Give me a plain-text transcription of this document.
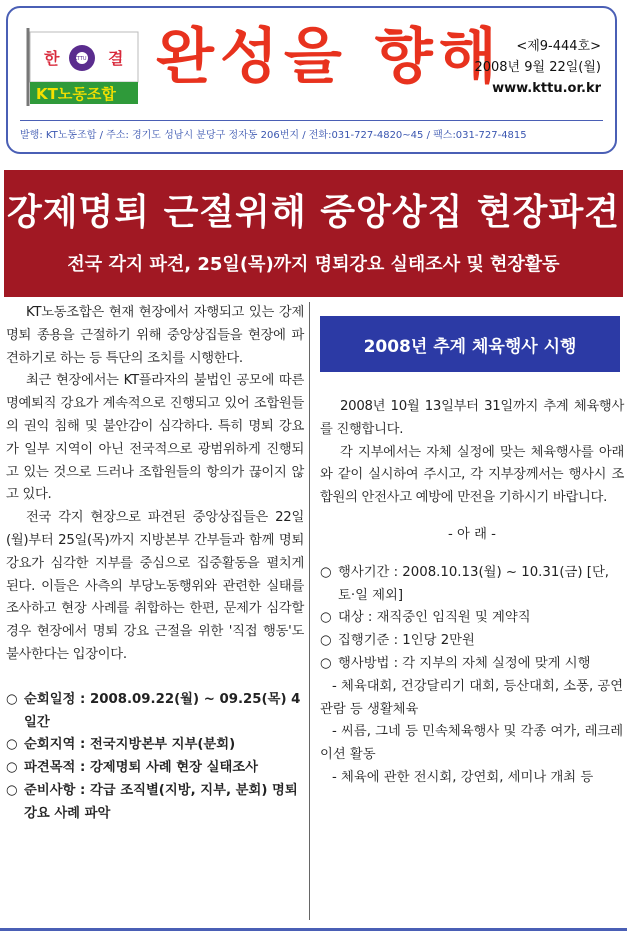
한	KTTU 결
KT노동조합
완성을 향해	<제9-444호>
2008년 9월 22일(월)
www.kttu.or.kr
발행: KT노동조합 / 주소: 경기도 성남시 분당구 정자동 206번지 / 전화:031-727-4820~45 / 팩스:031-727-4815
강제명퇴 근절위해 중앙상집 현장파견
전국 각지 파견, 25일(목)까지 명퇴강요 실태조사 및 현장활동

KT노동조합은 현재 현장에서 자행되고 있는 강제명퇴 종용을 근절하기 위해 중앙상집들을 현장에 파견하기로 하는 등 특단의 조치를 시행한다.

최근 현장에서는 KT플라자의 불법인 공모에 따른 명예퇴직 강요가 계속적으로 진행되고 있어 조합원들의 권익 침해 및 불안감이 심각하다. 특히 명퇴 강요가 일부 지역이 아닌 전국적으로 광범위하게 진행되고 있는 것으로 드러나 조합원들의 항의가 끊이지 않고 있다.

전국 각지 현장으로 파견된 중앙상집들은 22일(월)부터 25일(목)까지 지방본부 간부들과 함께 명퇴강요가 심각한 지부를 중심으로 집중활동을 펼치게 된다. 이들은 사측의 부당노동행위와 관련한 실태를 조사하고 현장 사례를 취합하는 한편, 문제가 심각할 경우 현장에서 명퇴 강요 근절을 위한 '직접 행동'도 불사한다는 입장이다.

○ 순회일정 : 2008.09.22(월) ~ 09.25(목) 4일간
○ 순회지역 : 전국지방본부 지부(분회)
○ 파견목적 : 강제명퇴 사례 현장 실태조사
○ 준비사항 : 각급 조직별(지방, 지부, 분회) 명퇴강요 사례 파악
2008년 추계 체육행사 시행

2008년 10월 13일부터 31일까지 추계 체육행사를 진행합니다.

각 지부에서는 자체 실정에 맞는 체육행사를 아래와 같이 실시하여 주시고, 각 지부장께서는 행사시 조합원의 안전사고 예방에 만전을 기하시기 바랍니다.

- 아 래 -
○ 행사기간 : 2008.10.13(월) ~ 10.31(금) [단, 토·일 제외]
○ 대상 : 재직중인 임직원 및 계약직
○ 집행기준 : 1인당 2만원
○ 행사방법 : 각 지부의 자체 실정에 맞게 시행
- 체육대회, 건강달리기 대회, 등산대회, 소풍, 공연관람 등 생활체육
- 씨름, 그네 등 민속체육행사 및 각종 여가, 레크레이션 활동
- 체육에 관한 전시회, 강연회, 세미나 개최 등
